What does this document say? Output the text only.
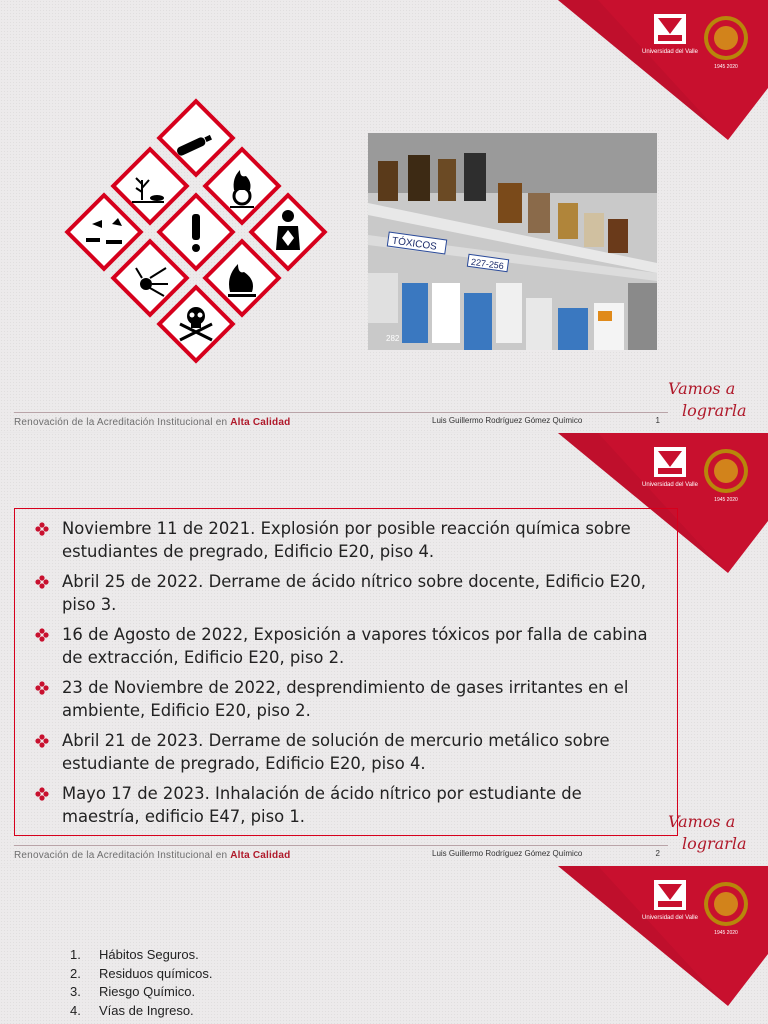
Universidad del Valle
1945 2020
TÓXICOS
227-256
282
Vamos a
lograrla
Renovación de la Acreditación Institucional en Alta Calidad	Luis Guillermo Rodríguez Gómez Químico	1
Universidad del Valle
1945 2020
Noviembre 11 de 2021. Explosión por posible reacción química sobre estudiantes de pregrado, Edificio E20, piso 4.
Abril 25 de 2022. Derrame de ácido nítrico sobre docente, Edificio E20, piso 3.
16 de Agosto de 2022, Exposición a vapores tóxicos por falla de cabina de extracción, Edificio E20, piso 2.
23 de Noviembre de 2022, desprendimiento de gases irritantes en el ambiente, Edificio E20, piso 2.
Abril 21 de 2023. Derrame de solución de mercurio metálico sobre estudiante de pregrado, Edificio E20, piso 4.
Mayo 17 de 2023. Inhalación de ácido nítrico por estudiante de maestría, edificio E47, piso 1.	Vamos a
lograrla
Renovación de la Acreditación Institucional en Alta Calidad	Luis Guillermo Rodríguez Gómez Químico	2
Universidad del Valle
1945 2020
1. Hábitos Seguros.
2. Residuos químicos.
3. Riesgo Químico.
4. Vías de Ingreso.
